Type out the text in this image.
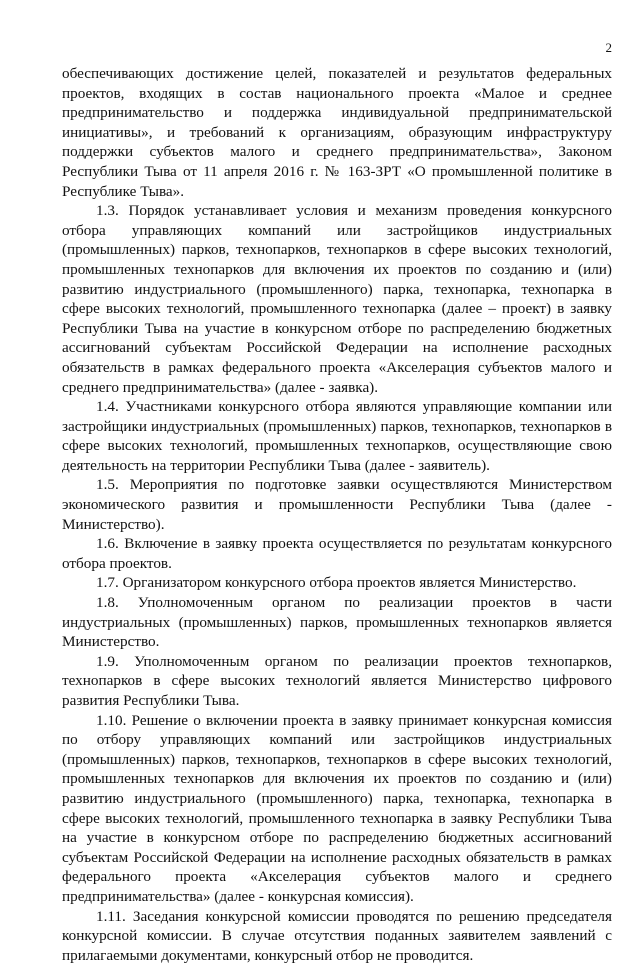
2

обеспечивающих достижение целей, показателей и результатов федеральных проектов, входящих в состав национального проекта «Малое и среднее предпринимательство и поддержка индивидуальной предпринимательской инициативы», и требований к организациям, образующим инфраструктуру поддержки субъектов малого и среднего предпринимательства», Законом Республики Тыва от 11 апреля 2016 г. № 163-ЗРТ «О промышленной политике в Республике Тыва».

1.3. Порядок устанавливает условия и механизм проведения конкурсного отбора управляющих компаний или застройщиков индустриальных (промышленных) парков, технопарков, технопарков в сфере высоких технологий, промышленных технопарков для включения их проектов по созданию и (или) развитию индустриального (промышленного) парка, технопарка, технопарка в сфере высоких технологий, промышленного технопарка (далее – проект) в заявку Республики Тыва на участие в конкурсном отборе по распределению бюджетных ассигнований субъектам Российской Федерации на исполнение расходных обязательств в рамках федерального проекта «Акселерация субъектов малого и среднего предпринимательства» (далее - заявка).

1.4. Участниками конкурсного отбора являются управляющие компании или застройщики индустриальных (промышленных) парков, технопарков, технопарков в сфере высоких технологий, промышленных технопарков, осуществляющие свою деятельность на территории Республики Тыва (далее - заявитель).

1.5. Мероприятия по подготовке заявки осуществляются Министерством экономического развития и промышленности Республики Тыва (далее - Министерство).

1.6. Включение в заявку проекта осуществляется по результатам конкурсного отбора проектов.

1.7. Организатором конкурсного отбора проектов является Министерство.

1.8. Уполномоченным органом по реализации проектов в части индустриальных (промышленных) парков, промышленных технопарков является Министерство.

1.9. Уполномоченным органом по реализации проектов технопарков, технопарков в сфере высоких технологий является Министерство цифрового развития Республики Тыва.

1.10. Решение о включении проекта в заявку принимает конкурсная комиссия по отбору управляющих компаний или застройщиков индустриальных (промышленных) парков, технопарков, технопарков в сфере высоких технологий, промышленных технопарков для включения их проектов по созданию и (или) развитию индустриального (промышленного) парка, технопарка, технопарка в сфере высоких технологий, промышленного технопарка в заявку Республики Тыва на участие в конкурсном отборе по распределению бюджетных ассигнований субъектам Российской Федерации на исполнение расходных обязательств в рамках федерального проекта «Акселерация субъектов малого и среднего предпринимательства» (далее - конкурсная комиссия).

1.11. Заседания конкурсной комиссии проводятся по решению председателя конкурсной комиссии. В случае отсутствия поданных заявителем заявлений с прилагаемыми документами, конкурсный отбор не проводится.
